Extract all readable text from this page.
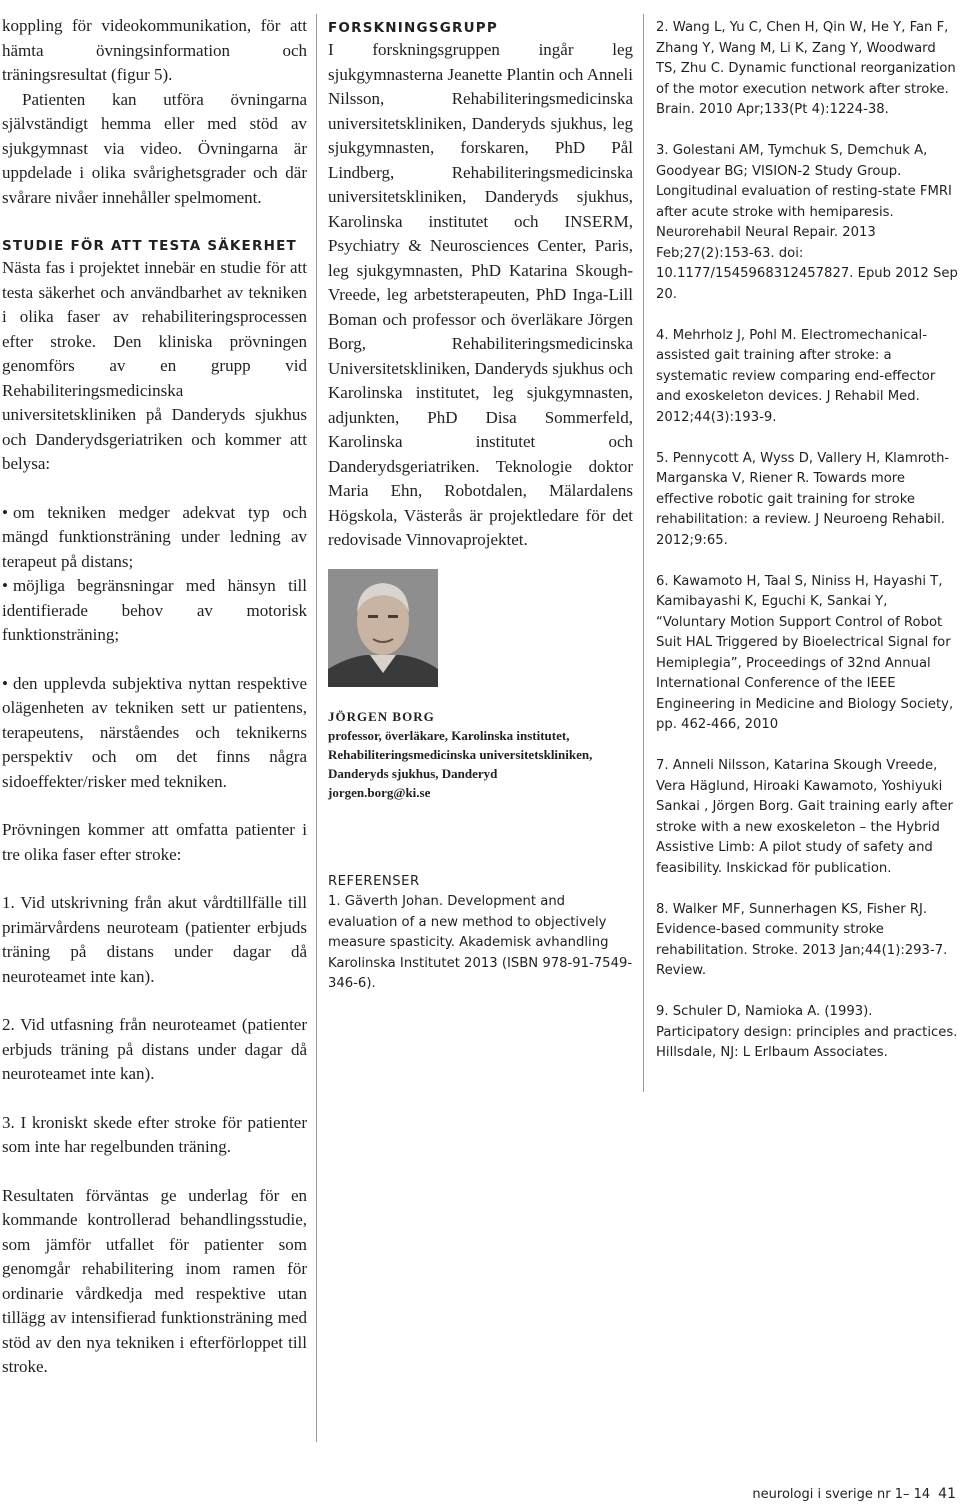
koppling för videokommunikation, för att hämta övningsinformation och träningsresultat (figur 5).

Patienten kan utföra övningarna självständigt hemma eller med stöd av sjukgymnast via video. Övningarna är uppdelade i olika svårighetsgrader och där svårare nivåer innehåller spelmoment.

STUDIE FÖR ATT TESTA SÄKERHET

Nästa fas i projektet innebär en studie för att testa säkerhet och användbarhet av tekniken i olika faser av rehabiliteringsprocessen efter stroke. Den kliniska prövningen genomförs av en grupp vid Rehabiliteringsmedicinska universitetskliniken på Danderyds sjukhus och Danderydsgeriatriken och kommer att belysa:

• om tekniken medger adekvat typ och mängd funktionsträning under ledning av terapeut på distans;

• möjliga begränsningar med hänsyn till identifierade behov av motorisk funktionsträning;

• den upplevda subjektiva nyttan respektive olägenheten av tekniken sett ur patientens, terapeutens, närståendes och teknikerns perspektiv och om det finns några sidoeffekter/risker med tekniken.

Prövningen kommer att omfatta patienter i tre olika faser efter stroke:

1. Vid utskrivning från akut vårdtillfälle till primärvårdens neuroteam (patienter erbjuds träning på distans under dagar då neuroteamet inte kan).

2. Vid utfasning från neuroteamet (patienter erbjuds träning på distans under dagar då neuroteamet inte kan).

3. I kroniskt skede efter stroke för patienter som inte har regelbunden träning.

Resultaten förväntas ge underlag för en kommande kontrollerad behandlingsstudie, som jämför utfallet för patienter som genomgår rehabilitering inom ramen för ordinarie vårdkedja med respektive utan tillägg av intensifierad funktionsträning med stöd av den nya tekniken i efterförloppet till stroke.

FORSKNINGSGRUPP

I forskningsgruppen ingår leg sjukgymnasterna Jeanette Plantin och Anneli Nilsson, Rehabiliteringsmedicinska universitetskliniken, Danderyds sjukhus, leg sjukgymnasten, forskaren, PhD Pål Lindberg, Rehabiliteringsmedicinska universitetskliniken, Danderyds sjukhus, Karolinska institutet och INSERM, Psychiatry & Neurosciences Center, Paris, leg sjukgymnasten, PhD Katarina Skough-Vreede, leg arbetsterapeuten, PhD Inga-Lill Boman och professor och överläkare Jörgen Borg, Rehabiliteringsmedicinska Universitetskliniken, Danderyds sjukhus och Karolinska institutet, leg sjukgymnasten, adjunkten, PhD Disa Sommerfeld, Karolinska institutet och Danderydsgeriatriken. Teknologie doktor Maria Ehn, Robotdalen, Mälardalens Högskola, Västerås är projektledare för det redovisade Vinnovaprojektet.

JÖRGEN BORG

professor, överläkare, Karolinska institutet, Rehabiliteringsmedicinska universitetskliniken, Danderyds sjukhus, Danderyd

jorgen.borg@ki.se

REFERENSER

1. Gäverth Johan. Development and evaluation of a new method to objectively measure spasticity. Akademisk avhandling Karolinska Institutet 2013 (ISBN 978-91-7549-346-6).

2. Wang L, Yu C, Chen H, Qin W, He Y, Fan F, Zhang Y, Wang M, Li K, Zang Y, Woodward TS, Zhu C. Dynamic functional reorganization of the motor execution network after stroke. Brain. 2010 Apr;133(Pt 4):1224-38.

3. Golestani AM, Tymchuk S, Demchuk A, Goodyear BG; VISION-2 Study Group. Longitudinal evaluation of resting-state FMRI after acute stroke with hemiparesis. Neurorehabil Neural Repair. 2013 Feb;27(2):153-63. doi: 10.1177/1545968312457827. Epub 2012 Sep 20.

4. Mehrholz J, Pohl M. Electromechanical-assisted gait training after stroke: a systematic review comparing end-effector and exoskeleton devices. J Rehabil Med. 2012;44(3):193-9.

5. Pennycott A, Wyss D, Vallery H, Klamroth-Marganska V, Riener R. Towards more effective robotic gait training for stroke rehabilitation: a review. J Neuroeng Rehabil. 2012;9:65.

6. Kawamoto H, Taal S, Niniss H, Hayashi T, Kamibayashi K, Eguchi K, Sankai Y, “Voluntary Motion Support Control of Robot Suit HAL Triggered by Bioelectrical Signal for Hemiplegia”, Proceedings of 32nd Annual International Conference of the IEEE Engineering in Medicine and Biology Society, pp. 462-466, 2010

7. Anneli Nilsson, Katarina Skough Vreede, Vera Häglund, Hiroaki Kawamoto, Yoshiyuki Sankai , Jörgen Borg. Gait training early after stroke with a new exoskeleton – the Hybrid Assistive Limb: A pilot study of safety and feasibility. Inskickad för publication.

8. Walker MF, Sunnerhagen KS, Fisher RJ. Evidence-based community stroke rehabilitation. Stroke. 2013 Jan;44(1):293-7. Review.

9. Schuler D, Namioka A. (1993). Participatory design: principles and practices. Hillsdale, NJ: L Erlbaum Associates.

neurologi i sverige nr 1– 14 41
